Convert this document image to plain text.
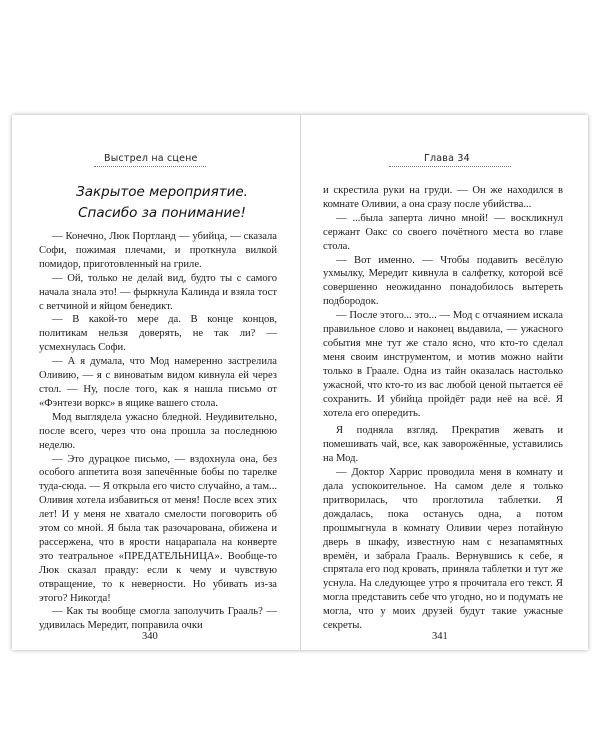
Выстрел на сцене
Закрытое мероприятие.
Спасибо за понимание!

— Конечно, Люк Портланд — убийца, — сказала Софи, пожимая плечами, и проткнула вилкой помидор, приготовленный на гриле.

— Ой, только не делай вид, будто ты с самого начала знала это! — фыркнула Калинда и взяла тост с ветчиной и яйцом бенедикт.

— В какой-то мере да. В конце концов, политикам нельзя доверять, не так ли? — усмехнулась Софи.

— А я думала, что Мод намеренно застрелила Оливию, — я с виноватым видом кивнула ей через стол. — Ну, после того, как я нашла письмо от «Фэнтези воркс» в ящике вашего стола.

Мод выглядела ужасно бледной. Неудивительно, после всего, через что она прошла за последнюю неделю.

— Это дурацкое письмо, — вздохнула она, без особого аппетита возя запечённые бобы по тарелке туда-сюда. — Я открыла его чисто случайно, а там... Оливия хотела избавиться от меня! После всех этих лет! И у меня не хватало смелости поговорить об этом со мной. Я была так разочарована, обижена и рассержена, что в ярости нацарапала на конверте это театральное «ПРЕДАТЕЛЬНИЦА». Вообще-то Люк сказал правду: если к чему и чувствую отвращение, то к неверности. Но убивать из-за этого? Никогда!

— Как ты вообще смогла заполучить Грааль? — удивилась Мередит, поправила очки

340
Глава 34

и скрестила руки на груди. — Он же находился в комнате Оливии, а она сразу после убийства...

— ...была заперта лично мной! — воскликнул сержант Оакс со своего почётного места во главе стола.

— Вот именно. — Чтобы подавить весёлую ухмылку, Мередит кивнула в салфетку, которой всё совершенно неожиданно понадобилось вытереть подбородок.

— После этого... это... — Мод с отчаянием искала правильное слово и наконец выдавила, — ужасного события мне тут же стало ясно, что кто-то сделал меня своим инструментом, и мотив можно найти только в Граале. Одна из тайн оказалась настолько ужасной, что кто-то из вас любой ценой пытается её сохранить. И убийца пройдёт ради неё на всё. Я хотела его опередить.

Я подняла взгляд. Прекратив жевать и помешивать чай, все, как заворожённые, уставились на Мод.

— Доктор Харрис проводила меня в комнату и дала успокоительное. На самом деле я только притворилась, что проглотила таблетки. Я дождалась, пока останусь одна, а потом прошмыгнула в комнату Оливии через потайную дверь в шкафу, известную нам с незапамятных времён, и забрала Грааль. Вернувшись к себе, я спрятала его под кровать, приняла таблетки и тут же уснула. На следующее утро я прочитала его текст. Я могла представить себе что угодно, но и подумать не могла, что у моих друзей будут такие ужасные секреты.

341
